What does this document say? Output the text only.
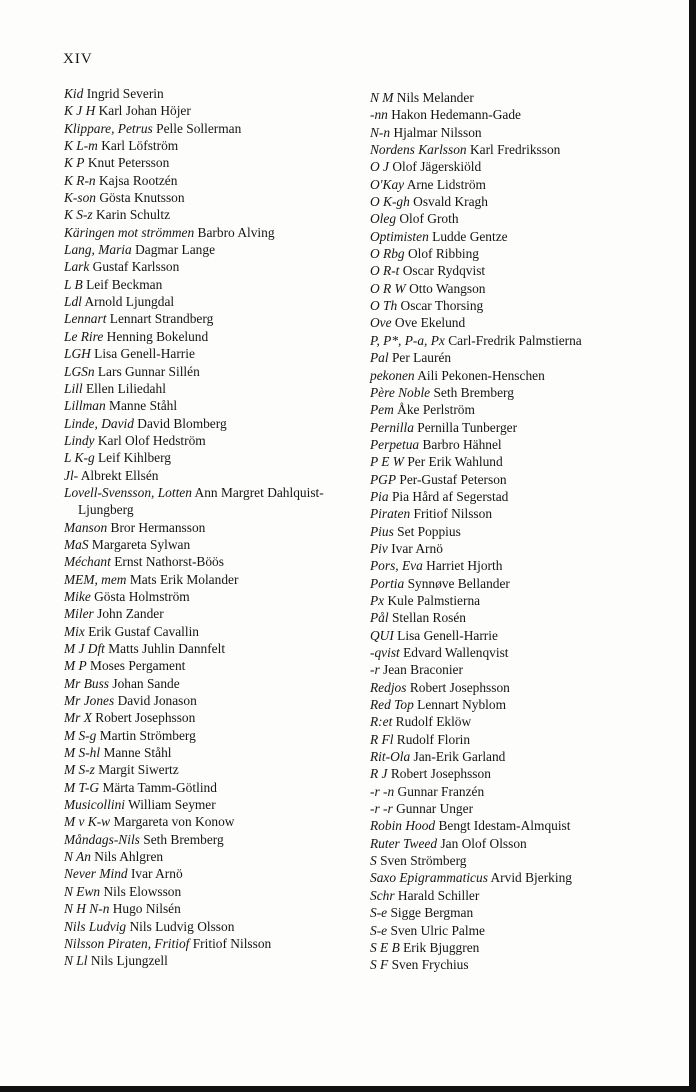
XIV
Kid Ingrid Severin
K J H Karl Johan Höjer
Klippare, Petrus Pelle Sollerman
K L-m Karl Löfström
K P Knut Petersson
K R-n Kajsa Rootzén
K-son Gösta Knutsson
K S-z Karin Schultz
Käringen mot strömmen Barbro Alving
Lang, Maria Dagmar Lange
Lark Gustaf Karlsson
L B Leif Beckman
Ldl Arnold Ljungdal
Lennart Lennart Strandberg
Le Rire Henning Bokelund
LGH Lisa Genell-Harrie
LGSn Lars Gunnar Sillén
Lill Ellen Liliedahl
Lillman Manne Ståhl
Linde, David David Blomberg
Lindy Karl Olof Hedström
L K-g Leif Kihlberg
Jl- Albrekt Ellsén
Lovell-Svensson, Lotten Ann Margret Dahlquist-
Ljungberg
Manson Bror Hermansson
MaS Margareta Sylwan
Méchant Ernst Nathorst-Böös
MEM, mem Mats Erik Molander
Mike Gösta Holmström
Miler John Zander
Mix Erik Gustaf Cavallin
M J Dft Matts Juhlin Dannfelt
M P Moses Pergament
Mr Buss Johan Sande
Mr Jones David Jonason
Mr X Robert Josephsson
M S-g Martin Strömberg
M S-hl Manne Ståhl
M S-z Margit Siwertz
M T-G Märta Tamm-Götlind
Musicollini William Seymer
M v K-w Margareta von Konow
Måndags-Nils Seth Bremberg
N An Nils Ahlgren
Never Mind Ivar Arnö
N Ewn Nils Elowsson
N H N-n Hugo Nilsén
Nils Ludvig Nils Ludvig Olsson
Nilsson Piraten, Fritiof Fritiof Nilsson
N Ll Nils Ljungzell
N M Nils Melander
-nn Hakon Hedemann-Gade
N-n Hjalmar Nilsson
Nordens Karlsson Karl Fredriksson
O J Olof Jägerskiöld
O'Kay Arne Lidström
O K-gh Osvald Kragh
Oleg Olof Groth
Optimisten Ludde Gentze
O Rbg Olof Ribbing
O R-t Oscar Rydqvist
O R W Otto Wangson
O Th Oscar Thorsing
Ove Ove Ekelund
P, P*, P-a, Px Carl-Fredrik Palmstierna
Pal Per Laurén
pekonen Aili Pekonen-Henschen
Père Noble Seth Bremberg
Pem Åke Perlström
Pernilla Pernilla Tunberger
Perpetua Barbro Hähnel
P E W Per Erik Wahlund
PGP Per-Gustaf Peterson
Pia Pia Hård af Segerstad
Piraten Fritiof Nilsson
Pius Set Poppius
Piv Ivar Arnö
Pors, Eva Harriet Hjorth
Portia Synnøve Bellander
Px Kule Palmstierna
Pål Stellan Rosén
QUI Lisa Genell-Harrie
-qvist Edvard Wallenqvist
-r Jean Braconier
Redjos Robert Josephsson
Red Top Lennart Nyblom
R:et Rudolf Eklöw
R Fl Rudolf Florin
Rit-Ola Jan-Erik Garland
R J Robert Josephsson
-r -n Gunnar Franzén
-r -r Gunnar Unger
Robin Hood Bengt Idestam-Almquist
Ruter Tweed Jan Olof Olsson
S Sven Strömberg
Saxo Epigrammaticus Arvid Bjerking
Schr Harald Schiller
S-e Sigge Bergman
S-e Sven Ulric Palme
S E B Erik Bjuggren
S F Sven Frychius
